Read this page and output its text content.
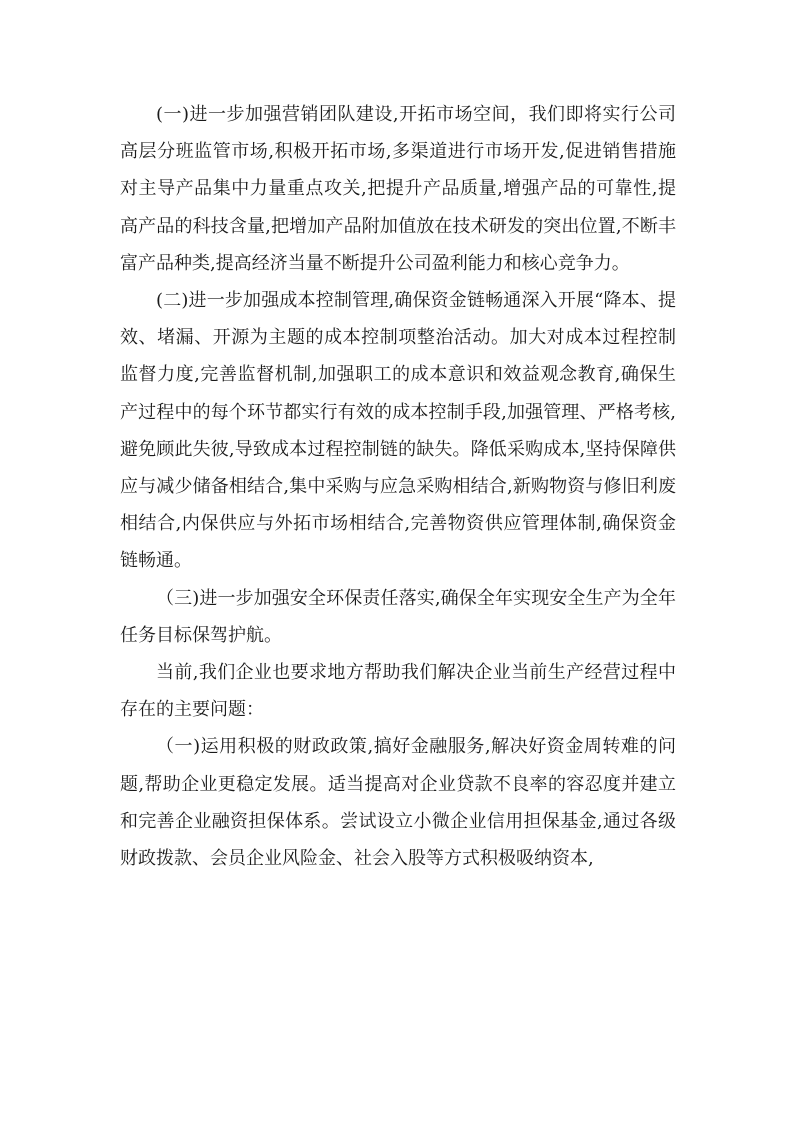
(一)进一步加强营销团队建设,开拓市场空间，我们即将实行公司高层分班监管市场,积极开拓市场,多渠道进行市场开发,促进销售措施对主导产品集中力量重点攻关,把提升产品质量,增强产品的可靠性,提高产品的科技含量,把增加产品附加值放在技术研发的突出位置,不断丰富产品种类,提高经济当量不断提升公司盈利能力和核心竞争力。

(二)进一步加强成本控制管理,确保资金链畅通深入开展“降本、提效、堵漏、开源为主题的成本控制项整治活动。加大对成本过程控制监督力度,完善监督机制,加强职工的成本意识和效益观念教育,确保生产过程中的每个环节都实行有效的成本控制手段,加强管理、严格考核,避免顾此失彼,导致成本过程控制链的缺失。降低采购成本,坚持保障供应与减少储备相结合,集中采购与应急采购相结合,新购物资与修旧利废相结合,内保供应与外拓市场相结合,完善物资供应管理体制,确保资金链畅通。

（三)进一步加强安全环保责任落实,确保全年实现安全生产为全年任务目标保驾护航。

当前,我们企业也要求地方帮助我们解决企业当前生产经营过程中存在的主要问题：

（一)运用积极的财政政策,搞好金融服务,解决好资金周转难的问题,帮助企业更稳定发展。适当提高对企业贷款不良率的容忍度并建立和完善企业融资担保体系。尝试设立小微企业信用担保基金,通过各级财政拨款、会员企业风险金、社会入股等方式积极吸纳资本,
